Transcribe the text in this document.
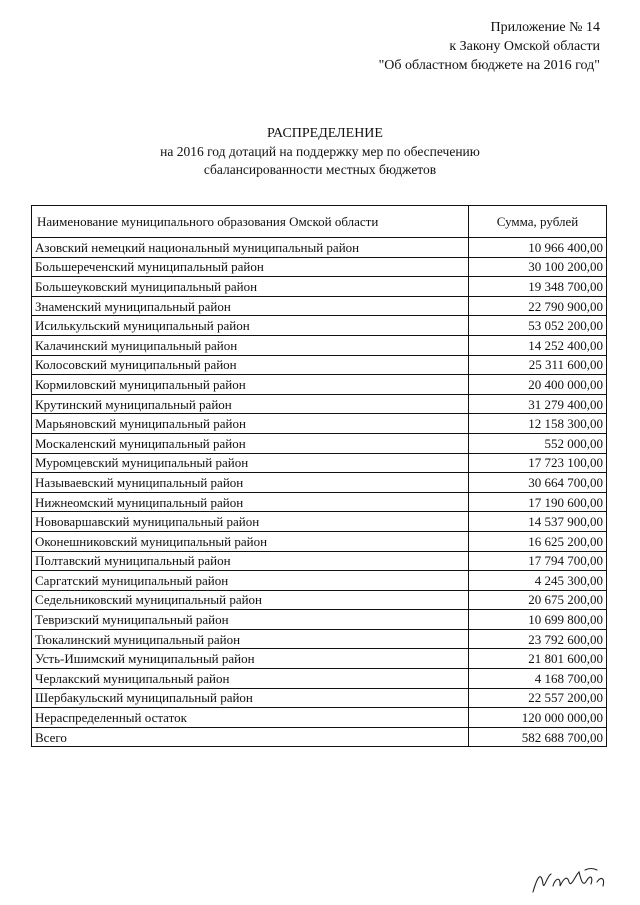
Приложение № 14
к Закону Омской области
"Об областном бюджете на 2016 год"
РАСПРЕДЕЛЕНИЕ
на 2016 год дотаций на поддержку мер по обеспечению
сбалансированности местных бюджетов
Наименование муниципального образования Омской области	Сумма, рублей
Азовский немецкий национальный муниципальный район	10 966 400,00
Большереченский муниципальный район	30 100 200,00
Большеуковский муниципальный район	19 348 700,00
Знаменский муниципальный район	22 790 900,00
Исилькульский муниципальный район	53 052 200,00
Калачинский муниципальный район	14 252 400,00
Колосовский муниципальный район	25 311 600,00
Кормиловский муниципальный район	20 400 000,00
Крутинский муниципальный район	31 279 400,00
Марьяновский муниципальный район	12 158 300,00
Москаленский муниципальный район	552 000,00
Муромцевский муниципальный район	17 723 100,00
Называевский муниципальный район	30 664 700,00
Нижнеомский муниципальный район	17 190 600,00
Нововаршавский муниципальный район	14 537 900,00
Оконешниковский муниципальный район	16 625 200,00
Полтавский муниципальный район	17 794 700,00
Саргатский муниципальный район	4 245 300,00
Седельниковский муниципальный район	20 675 200,00
Тевризский муниципальный район	10 699 800,00
Тюкалинский муниципальный район	23 792 600,00
Усть-Ишимский муниципальный район	21 801 600,00
Черлакский муниципальный район	4 168 700,00
Шербакульский муниципальный район	22 557 200,00
Нераспределенный остаток	120 000 000,00
Всего	582 688 700,00
